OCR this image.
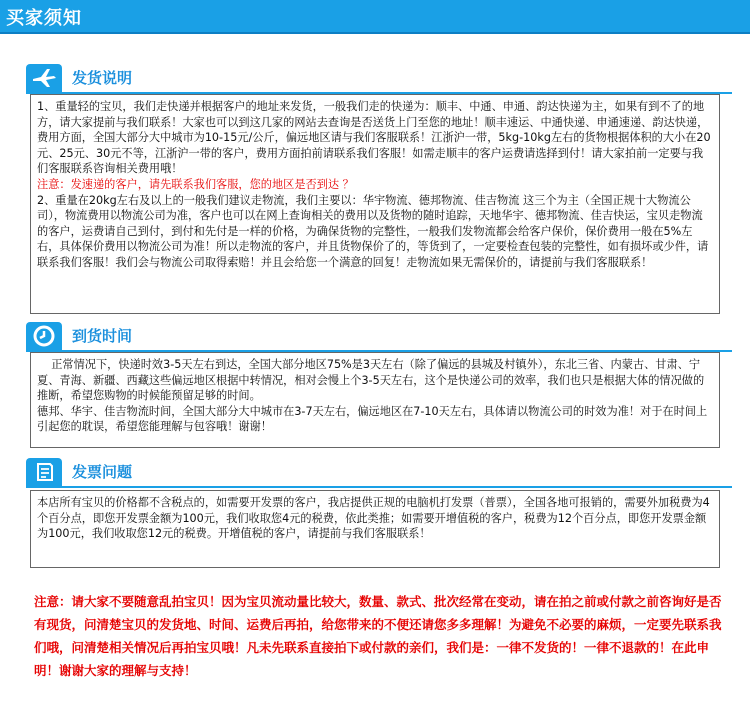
买家须知
发货说明

1、重量轻的宝贝，我们走快递并根据客户的地址来发货，一般我们走的快递为：顺丰、中通、申通、韵达快递为主，如果有到不了的地方，请大家提前与我们联系！大家也可以到这几家的网站去查询是否送货上门至您的地址！顺丰速运、中通快递、申通速递、韵达快递，费用方面，全国大部分大中城市为10-15元/公斤，偏远地区请与我们客服联系！江浙沪一带，5kg-10kg左右的货物根据体积的大小在20元、25元、30元不等，江浙沪一带的客户，费用方面拍前请联系我们客服！如需走顺丰的客户运费请选择到付！请大家拍前一定要与我们客服联系咨询相关费用哦！

注意：发速递的客户，请先联系我们客服，您的地区是否到达 ？

2、重量在20kg左右及以上的一般我们建议走物流，我们主要以：华宇物流、德邦物流、佳吉物流 这三个为主（全国正规十大物流公司），物流费用以物流公司为准，客户也可以在网上查询相关的费用以及货物的随时追踪，天地华宇、德邦物流、佳吉快运，宝贝走物流的客户，运费请自己到付，到付和先付是一样的价格，为确保货物的完整性，一般我们发物流都会给客户保价，保价费用一般在5%左右，具体保价费用以物流公司为准！所以走物流的客户，并且货物保价了的，等货到了，一定要检查包装的完整性，如有损坏或少件，请联系我们客服！我们会与物流公司取得索赔！并且会给您一个满意的回复！走物流如果无需保价的，请提前与我们客服联系！

到货时间

正常情况下，快递时效3-5天左右到达，全国大部分地区75%是3天左右（除了偏远的县城及村镇外），东北三省、内蒙古、甘肃、宁夏、青海、新疆、西藏这些偏远地区根据中转情况，相对会慢上个3-5天左右，这个是快递公司的效率，我们也只是根据大体的情况做的推断，希望您购物的时候能预留足够的时间。

德邦、华宇、佳吉物流时间，全国大部分大中城市在3-7天左右，偏远地区在7-10天左右，具体请以物流公司的时效为准！对于在时间上引起您的耽误，希望您能理解与包容哦！谢谢！

发票问题

本店所有宝贝的价格都不含税点的，如需要开发票的客户，我店提供正规的电脑机打发票（普票），全国各地可报销的，需要外加税费为4个百分点，即您开发票金额为100元，我们收取您4元的税费，依此类推；如需要开增值税的客户，税费为12个百分点，即您开发票金额为100元，我们收取您12元的税费。开增值税的客户，请提前与我们客服联系！

注意：请大家不要随意乱拍宝贝！因为宝贝流动量比较大，数量、款式、批次经常在变动，请在拍之前或付款之前咨询好是否有现货，问清楚宝贝的发货地、时间、运费后再拍，给您带来的不便还请您多多理解！为避免不必要的麻烦，一定要先联系我们哦，问清楚相关情况后再拍宝贝哦！凡未先联系直接拍下或付款的亲们，我们是：一律不发货的！一律不退款的！在此申明！谢谢大家的理解与支持！
